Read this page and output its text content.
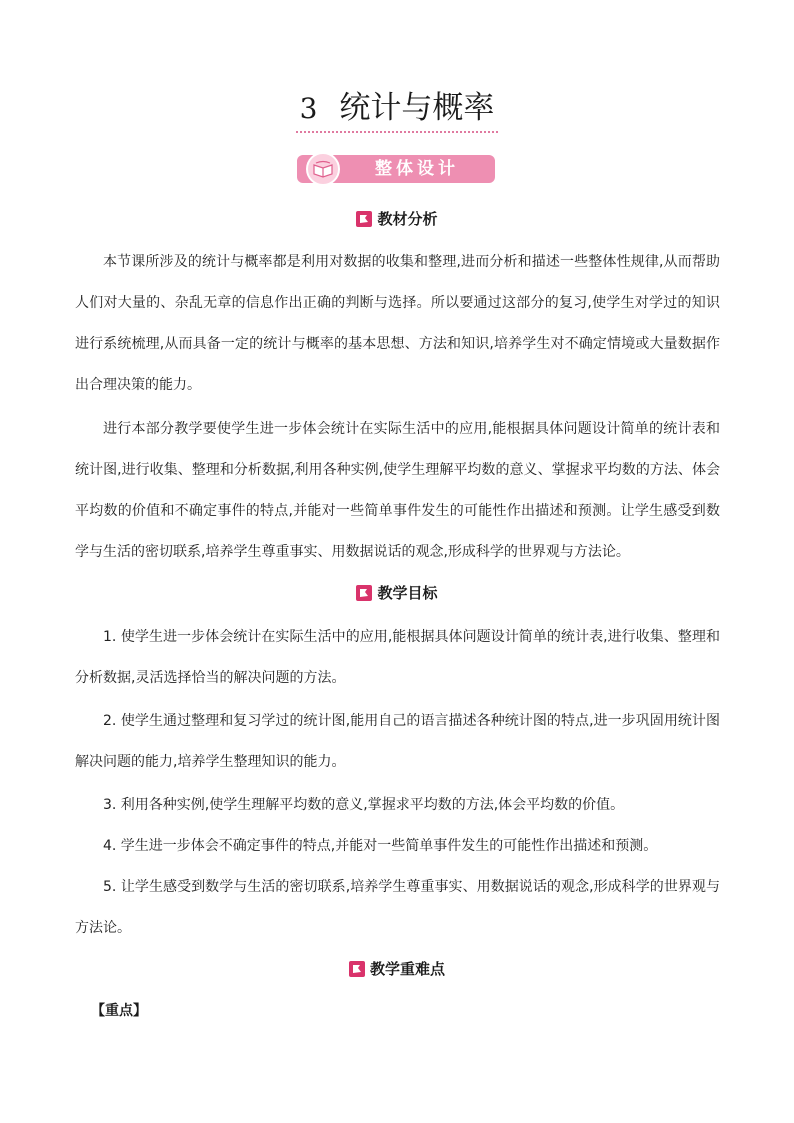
3 统计与概率
整体设计
教材分析

本节课所涉及的统计与概率都是利用对数据的收集和整理,进而分析和描述一些整体性规律,从而帮助人们对大量的、杂乱无章的信息作出正确的判断与选择。所以要通过这部分的复习,使学生对学过的知识进行系统梳理,从而具备一定的统计与概率的基本思想、方法和知识,培养学生对不确定情境或大量数据作出合理决策的能力。

进行本部分教学要使学生进一步体会统计在实际生活中的应用,能根据具体问题设计简单的统计表和统计图,进行收集、整理和分析数据,利用各种实例,使学生理解平均数的意义、掌握求平均数的方法、体会平均数的价值和不确定事件的特点,并能对一些简单事件发生的可能性作出描述和预测。让学生感受到数学与生活的密切联系,培养学生尊重事实、用数据说话的观念,形成科学的世界观与方法论。

教学目标

1. 使学生进一步体会统计在实际生活中的应用,能根据具体问题设计简单的统计表,进行收集、整理和分析数据,灵活选择恰当的解决问题的方法。

2. 使学生通过整理和复习学过的统计图,能用自己的语言描述各种统计图的特点,进一步巩固用统计图解决问题的能力,培养学生整理知识的能力。

3. 利用各种实例,使学生理解平均数的意义,掌握求平均数的方法,体会平均数的价值。

4. 学生进一步体会不确定事件的特点,并能对一些简单事件发生的可能性作出描述和预测。

5. 让学生感受到数学与生活的密切联系,培养学生尊重事实、用数据说话的观念,形成科学的世界观与方法论。

教学重难点
【重点】
